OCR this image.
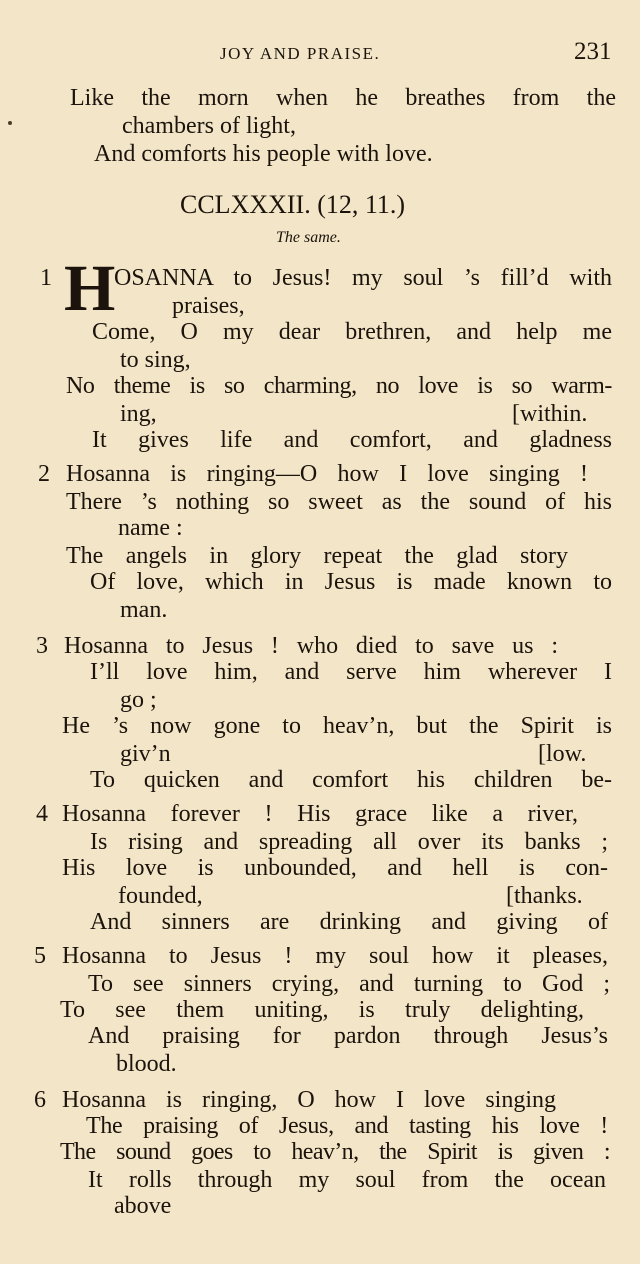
JOY AND PRAISE.	231
Like the morn when he breathes from the
chambers of light,
And comforts his people with love.
CCLXXXII. (12, 11.)
The same.
1 H
OSANNA to Jesus! my soul ’s fill’d with
praises,
Come, O my dear brethren, and help me
to sing,
No theme is so charming, no love is so warm-
ing,	[within.
It gives life and comfort, and gladness
2 Hosanna is ringing—O how I love singing !
There ’s nothing so sweet as the sound of his
name :
The angels in glory repeat the glad story
Of love, which in Jesus is made known to
man.
3 Hosanna to Jesus ! who died to save us :
I’ll love him, and serve him wherever I
go ;
He ’s now gone to heav’n, but the Spirit is
giv’n	[low.
To quicken and comfort his children be-
4 Hosanna forever ! His grace like a river,
Is rising and spreading all over its banks ;
His love is unbounded, and hell is con-
founded,	[thanks.
And sinners are drinking and giving of
5 Hosanna to Jesus ! my soul how it pleases,
To see sinners crying, and turning to God ;
To see them uniting, is truly delighting,
And praising for pardon through Jesus’s
blood.
6 Hosanna is ringing, O how I love singing
The praising of Jesus, and tasting his love !
The sound goes to heav’n, the Spirit is given :
It rolls through my soul from the ocean
above
